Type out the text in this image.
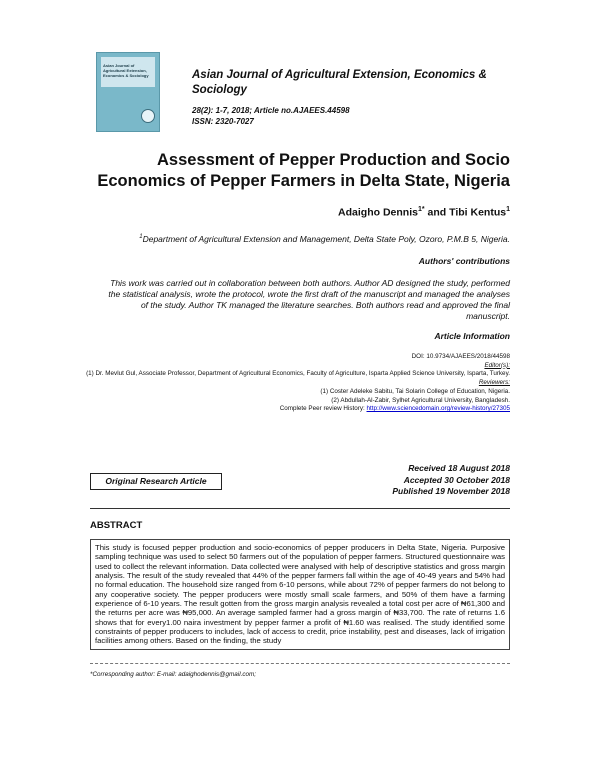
Asian Journal of Agricultural Extension, Economics & Sociology	Asian Journal of Agricultural Extension, Economics &
Sociology
28(2): 1-7, 2018; Article no.AJAEES.44598
ISSN: 2320-7027
Assessment of Pepper Production and Socio
Economics of Pepper Farmers in Delta State, Nigeria
Adaigho Dennis$^{1*}$ and Tibi Kentus$^1$
$^1$Department of Agricultural Extension and Management, Delta State Poly, Ozoro, P.M.B 5, Nigeria.
Authors' contributions
This work was carried out in collaboration between both authors. Author AD designed the study, performed the statistical analysis, wrote the protocol, wrote the first draft of the manuscript and managed the analyses of the study. Author TK managed the literature searches. Both authors read and approved the final manuscript.
Article Information
DOI: 10.9734/AJAEES/2018/44598
Editor(s):
(1) Dr. Mevlut Gul, Associate Professor, Department of Agricultural Economics, Faculty of Agriculture, Isparta Applied Science University, Isparta, Turkey.
Reviewers:
(1) Coster Adeleke Sabitu, Tai Solarin College of Education, Nigeria.
(2) Abdullah-Al-Zabir, Sylhet Agricultural University, Bangladesh.
Complete Peer review History: http://www.sciencedomain.org/review-history/27305
Original Research Article
Received 18 August 2018
Accepted 30 October 2018
Published 19 November 2018
ABSTRACT
This study is focused pepper production and socio-economics of pepper producers in Delta State, Nigeria. Purposive sampling technique was used to select 50 farmers out of the population of pepper farmers. Structured questionnaire was used to collect the relevant information. Data collected were analysed with help of descriptive statistics and gross margin analysis. The result of the study revealed that 44% of the pepper farmers fall within the age of 40-49 years and 54% had no formal education. The household size ranged from 6-10 persons, while about 72% of pepper farmers do not belong to any cooperative society. The pepper producers were mostly small scale farmers, and 50% of them have a farming experience of 6-10 years. The result gotten from the gross margin analysis revealed a total cost per acre of ₦61,300 and the returns per acre was ₦95,000. An average sampled farmer had a gross margin of ₦33,700. The rate of returns 1.6 shows that for every1.00 naira investment by pepper farmer a profit of ₦1.60 was realised. The study identified some constraints of pepper producers to includes, lack of access to credit, price instability, pest and diseases, lack of irrigation facilities among others. Based on the finding, the study
*Corresponding author: E-mail: adaighodennis@gmail.com;
